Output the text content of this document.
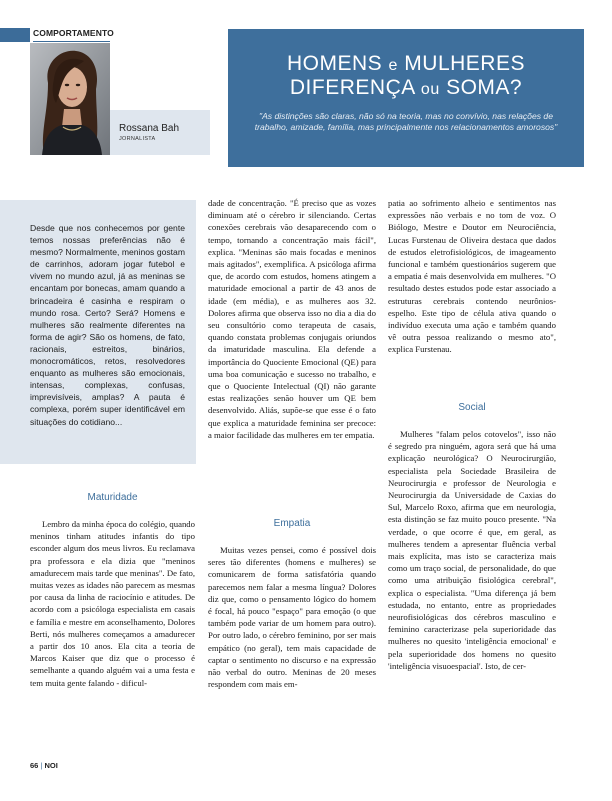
COMPORTAMENTO
Rossana Bah
JORNALISTA
HOMENS e MULHERES
DIFERENÇA ou SOMA?
"As distinções são claras, não só na teoria, mas no convívio, nas relações de trabalho, amizade, família, mas principalmente nos relacionamentos amorosos"
Desde que nos conhecemos por gente temos nossas preferências não é mesmo? Normalmente, meninos gostam de carrinhos, adoram jogar futebol e vivem no mundo azul, já as meninas se encantam por bonecas, amam quando a brincadeira é casinha e respiram o mundo rosa. Certo? Será? Homens e mulheres são realmente diferentes na forma de agir? São os homens, de fato, racionais, estreitos, binários, monocromáticos, retos, resolvedores enquanto as mulheres são emocionais, intensas, complexas, confusas, imprevisíveis, amplas? A pauta é complexa, porém super identificável em situações do cotidiano...
Maturidade

Lembro da minha época do colégio, quando meninos tinham atitudes infantis do tipo esconder algum dos meus livros. Eu reclamava pra professora e ela dizia que "meninos amadurecem mais tarde que meninas". De fato, muitas vezes as idades não parecem as mesmas por causa da linha de raciocínio e atitudes. De acordo com a psicóloga especialista em casais e família e mestre em aconselhamento, Dolores Berti, nós mulheres começamos a amadurecer a partir dos 10 anos. Ela cita a teoria de Marcos Kaiser que diz que o processo é semelhante a quando alguém vai a uma festa e tem muita gente falando - dificul-

dade de concentração. "É preciso que as vozes diminuam até o cérebro ir silenciando. Certas conexões cerebrais vão desaparecendo com o tempo, tornando a concentração mais fácil", explica. "Meninas são mais focadas e meninos mais agitados", exemplifica. A psicóloga afirma que, de acordo com estudos, homens atingem a maturidade emocional a partir de 43 anos de idade (em média), e as mulheres aos 32. Dolores afirma que observa isso no dia a dia do seu consultório como terapeuta de casais, quando constata problemas conjugais oriundos da imaturidade masculina. Ela defende a importância do Quociente Emocional (QE) para uma boa comunicação e sucesso no trabalho, e que o Quociente Intelectual (QI) não garante estas realizações senão houver um QE bem desenvolvido. Aliás, supõe-se que esse é o fato que explica a maturidade feminina ser precoce: a maior facilidade das mulheres em ter empatia.

Empatia

Muitas vezes pensei, como é possível dois seres tão diferentes (homens e mulheres) se comunicarem de forma satisfatória quando parecemos nem falar a mesma língua? Dolores diz que, como o pensamento lógico do homem é focal, há pouco "espaço" para emoção (o que também pode variar de um homem para outro). Por outro lado, o cérebro feminino, por ser mais empático (no geral), tem mais capacidade de captar o sentimento no discurso e na expressão não verbal do outro. Meninas de 20 meses respondem com mais em-

patia ao sofrimento alheio e sentimentos nas expressões não verbais e no tom de voz. O Biólogo, Mestre e Doutor em Neurociência, Lucas Furstenau de Oliveira destaca que dados de estudos eletrofisiológicos, de imageamento funcional e também questionários sugerem que a empatia é mais desenvolvida em mulheres. "O resultado destes estudos pode estar associado a estruturas cerebrais contendo neurônios-espelho. Este tipo de célula ativa quando o indivíduo executa uma ação e também quando vê outra pessoa realizando o mesmo ato", explica Furstenau.

Social

Mulheres "falam pelos cotovelos", isso não é segredo pra ninguém, agora será que há uma explicação neurológica? O Neurocirurgião, especialista pela Sociedade Brasileira de Neurocirurgia e professor de Neurologia e Neurocirurgia da Universidade de Caxias do Sul, Marcelo Roxo, afirma que em neurologia, esta distinção se faz muito pouco presente. "Na verdade, o que ocorre é que, em geral, as mulheres tendem a apresentar fluência verbal mais explícita, mas isto se caracteriza mais como um traço social, de personalidade, do que como uma atribuição fisiológica cerebral", explica o especialista. "Uma diferença já bem estudada, no entanto, entre as propriedades neurofisiológicas dos cérebros masculino e feminino caracterizase pela superioridade das mulheres no quesito 'inteligência emocional' e pela superioridade dos homens no quesito 'inteligência visuoespacial'. Isto, de cer-

66 | NOI
